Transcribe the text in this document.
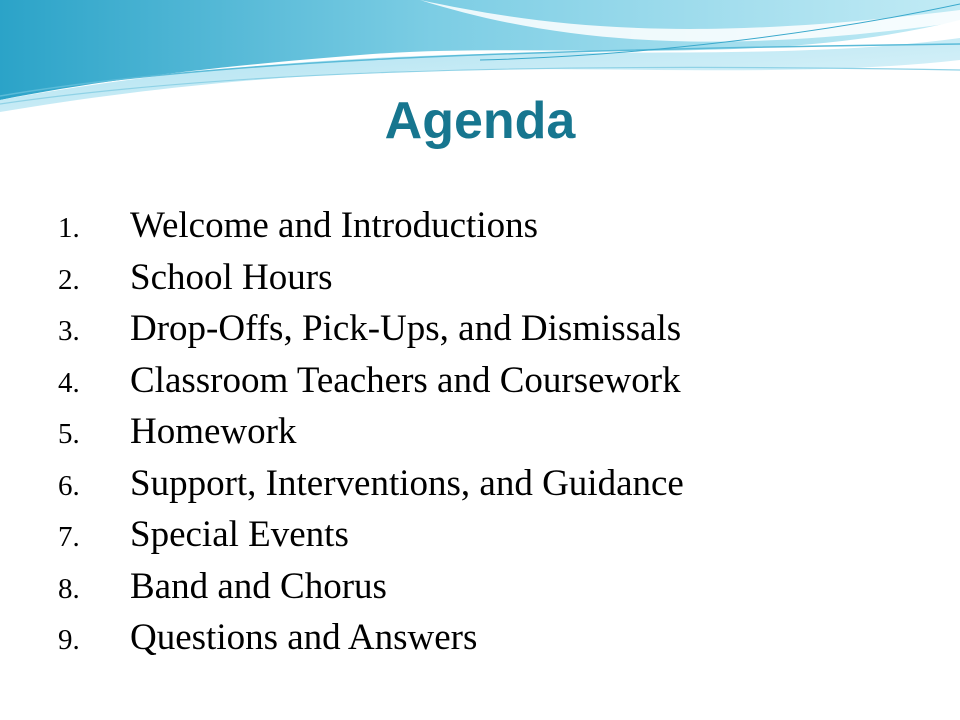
Agenda
1.	Welcome and Introductions
2.	School Hours
3.	Drop-Offs, Pick-Ups, and Dismissals
4.	Classroom Teachers and Coursework
5.	Homework
6.	Support, Interventions, and Guidance
7.	Special Events
8.	Band and Chorus
9.	Questions and Answers
